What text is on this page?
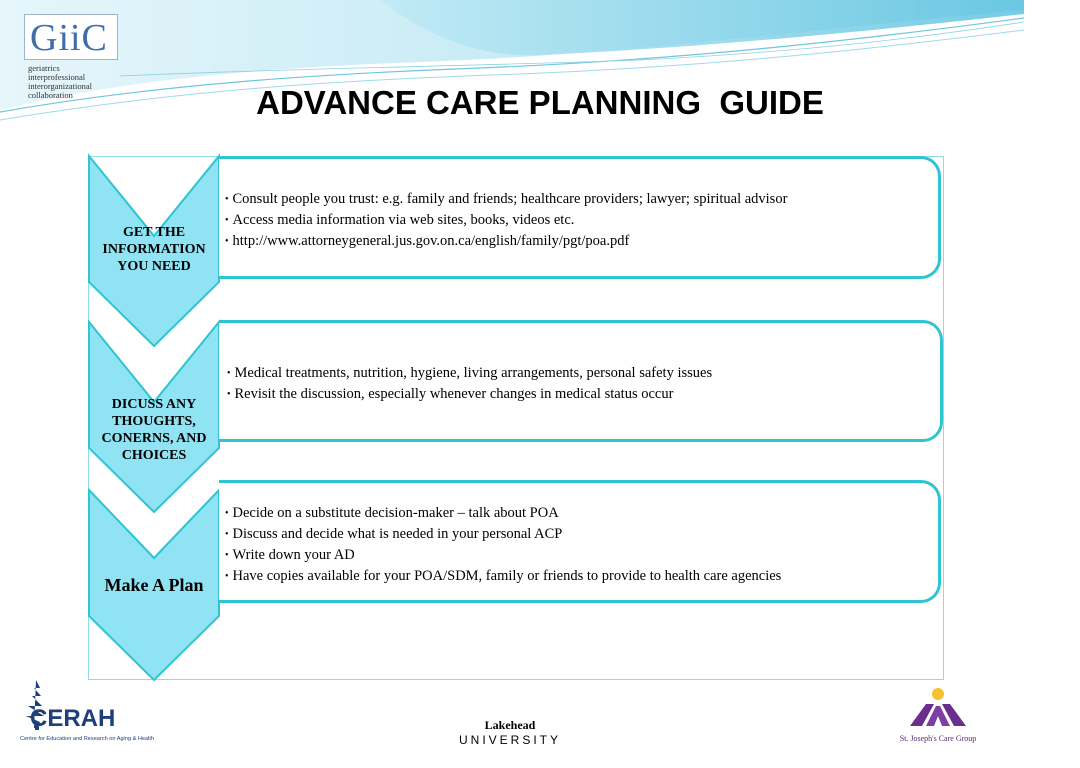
GiiC
geriatrics
interprofessional
interorganizational
collaboration	ADVANCE CARE PLANNING  GUIDE
GET THE
INFORMATION
YOU NEED
DICUSS ANY
THOUGHTS,
CONERNS, AND
CHOICES
Make A Plan
• Consult people you trust: e.g. family and friends; healthcare providers; lawyer; spiritual advisor
• Access media information via web sites, books, videos etc.
• http://www.attorneygeneral.jus.gov.on.ca/english/family/pgt/poa.pdf
• Medical treatments, nutrition, hygiene, living arrangements, personal safety issues
• Revisit the discussion, especially whenever changes in medical status occur
• Decide on a substitute decision-maker – talk about POA
• Discuss and decide what is needed in your personal ACP
• Write down your AD
• Have copies available for your POA/SDM, family or friends to provide to health care agencies
CERAH
Centre for Education and Research on Aging & Health
Lakehead
UNIVERSITY	St. Joseph's Care Group
